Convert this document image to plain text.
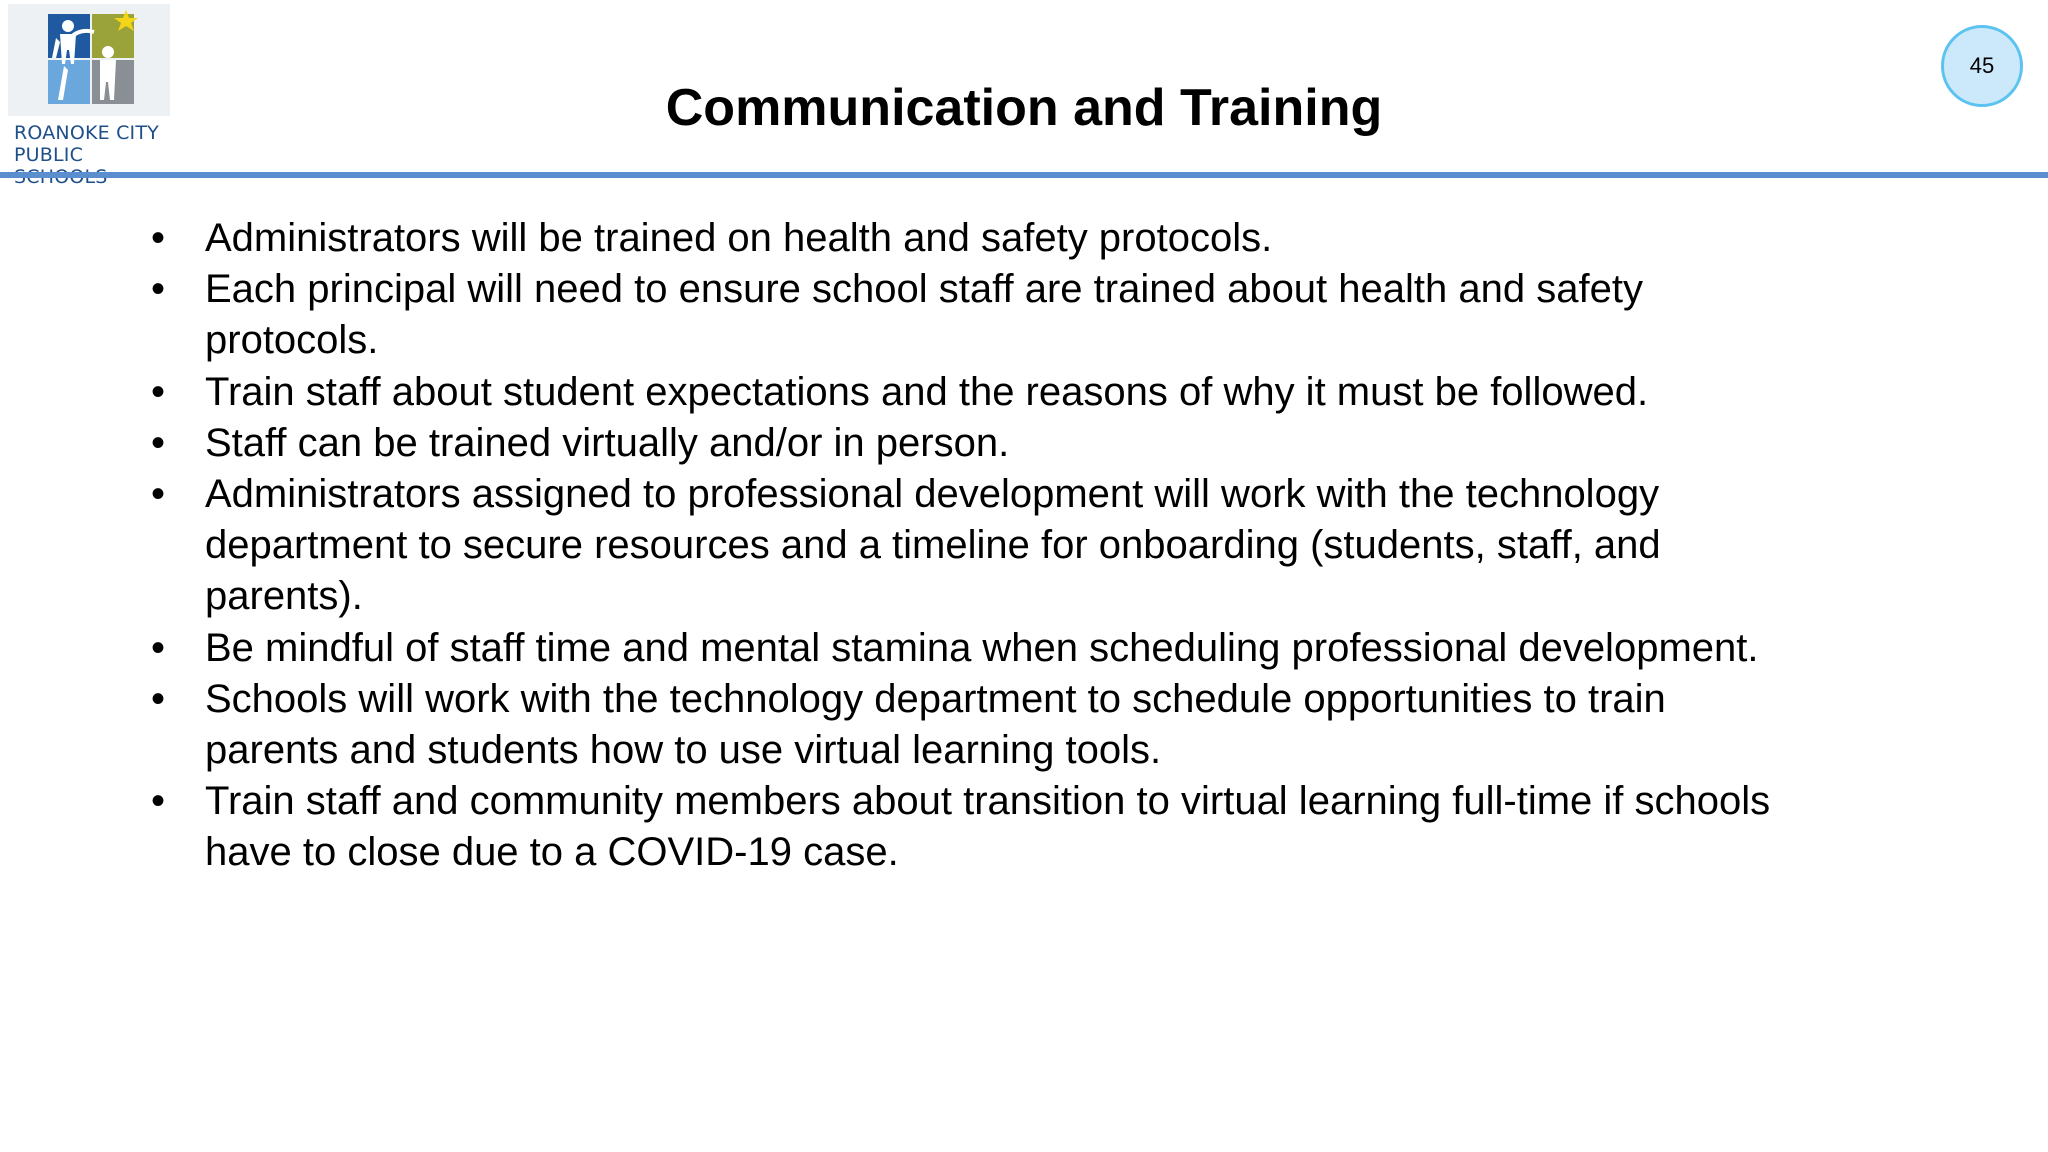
ROANOKE CITY
PUBLIC
Communication and Training
45
• Administrators will be trained on health and safety protocols.
• Each principal will need to ensure school staff are trained about health and safety protocols.
• Train staff about student expectations and the reasons of why it must be followed.
• Staff can be trained virtually and/or in person.
• Administrators assigned to professional development will work with the technology department to secure resources and a timeline for onboarding (students, staff, and parents).
• Be mindful of staff time and mental stamina when scheduling professional development.
• Schools will work with the technology department to schedule opportunities to train parents and students how to use virtual learning tools.
• Train staff and community members about transition to virtual learning full-time if schools have to close due to a COVID-19 case.
